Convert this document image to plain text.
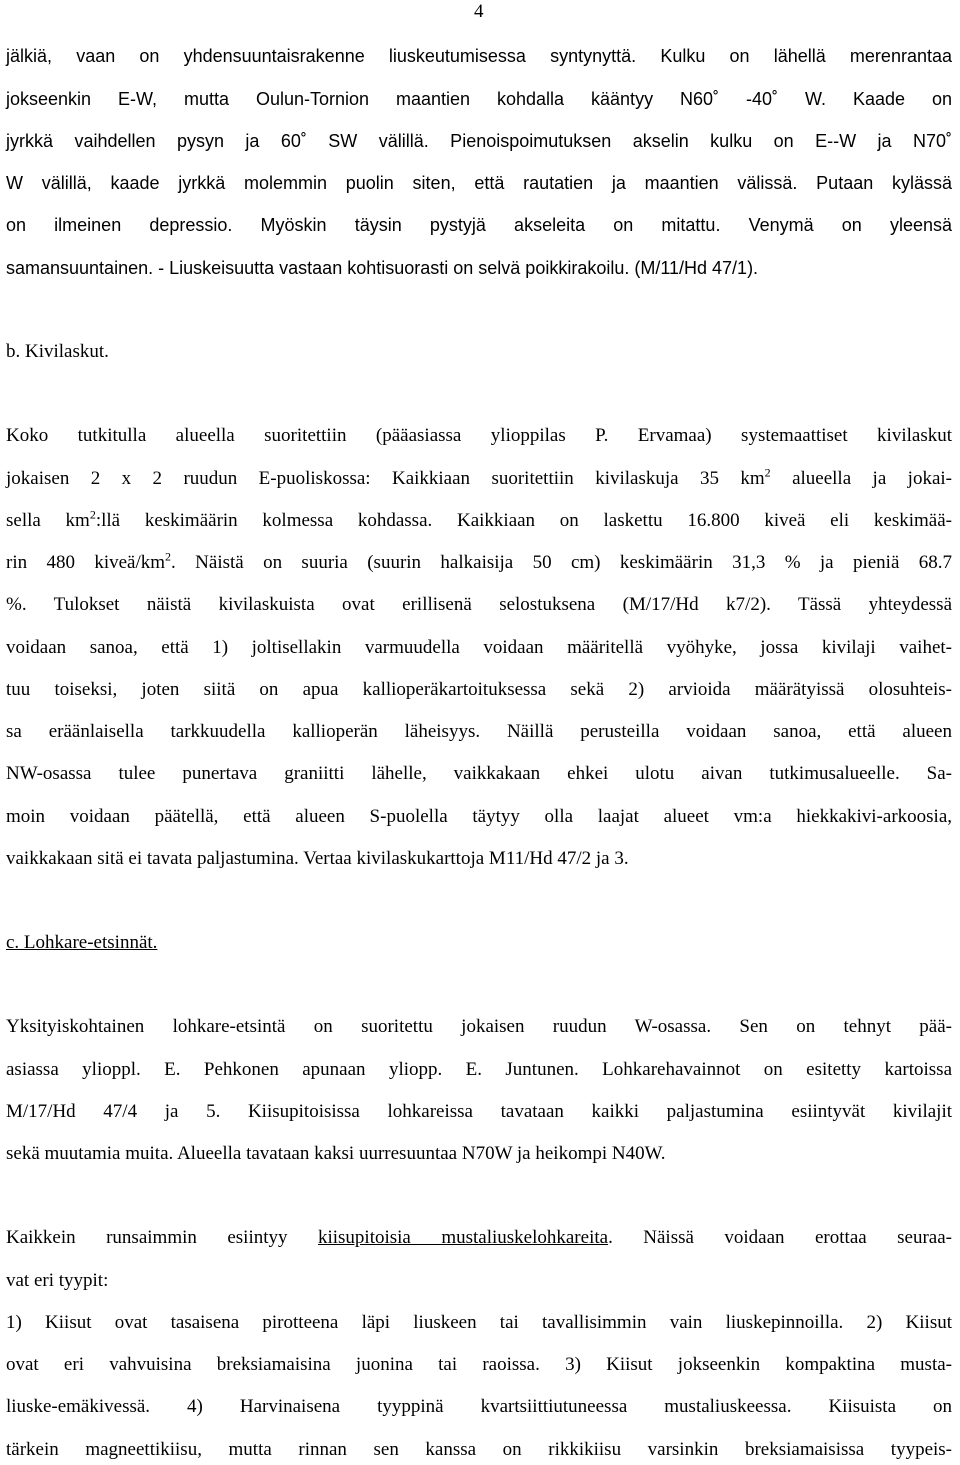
4
jälkiä, vaan on yhdensuuntaisrakenne liuskeutumisessa syntynyttä. Kulku on lähellä merenrantaa
jokseenkin E-W, mutta Oulun-Tornion maantien kohdalla kääntyy N60˚ -40˚ W. Kaade on
jyrkkä vaihdellen pysyn ja 60˚ SW välillä. Pienoispoimutuksen akselin kulku on E--W ja N70˚
W välillä, kaade jyrkkä molemmin puolin siten, että rautatien ja maantien välissä. Putaan kylässä
on ilmeinen depressio. Myöskin täysin pystyjä akseleita on mitattu. Venymä on yleensä
samansuuntainen. - Liuskeisuutta vastaan kohtisuorasti on selvä poikkirakoilu. (M/11/Hd 47/1).
b. Kivilaskut.
Koko tutkitulla alueella suoritettiin (pääasiassa ylioppilas P. Ervamaa) systemaattiset kivilaskut
jokaisen 2 x 2 ruudun E-puoliskossa: Kaikkiaan suoritettiin kivilaskuja 35 $km^2$ alueella ja jokai-
sella $km^2:llä$ keskimäärin kolmessa kohdassa. Kaikkiaan on laskettu 16.800 kiveä eli keskimää-
rin 480 kiveä/$km^2$. Näistä on suuria (suurin halkaisija 50 cm) keskimäärin 31,3 % ja pieniä 68.7
%. Tulokset näistä kivilaskuista ovat erillisenä selostuksena (M/17/Hd k7/2). Tässä yhteydessä
voidaan sanoa, että 1) joltisellakin varmuudella voidaan määritellä vyöhyke, jossa kivilaji vaihet-
tuu toiseksi, joten siitä on apua kallioperäkartoituksessa sekä 2) arvioida määrätyissä olosuhteis-
sa eräänlaisella tarkkuudella kallioperän läheisyys. Näillä perusteilla voidaan sanoa, että alueen
NW-osassa tulee punertava graniitti lähelle, vaikkakaan ehkei ulotu aivan tutkimusalueelle. Sa-
moin voidaan päätellä, että alueen S-puolella täytyy olla laajat alueet vm:a hiekkakivi-arkoosia,
vaikkakaan sitä ei tavata paljastumina. Vertaa kivilaskukarttoja M11/Hd 47/2 ja 3.
c. Lohkare-etsinnät.
Yksityiskohtainen lohkare-etsintä on suoritettu jokaisen ruudun W-osassa. Sen on tehnyt pää-
asiassa ylioppl. E. Pehkonen apunaan yliopp. E. Juntunen. Lohkarehavainnot on esitetty kartoissa
M/17/Hd 47/4 ja 5. Kiisupitoisissa lohkareissa tavataan kaikki paljastumina esiintyvät kivilajit
sekä muutamia muita. Alueella tavataan kaksi uurresuuntaa N70W ja heikompi N40W.
Kaikkein runsaimmin esiintyy kiisupitoisia mustaliuskelohkareita. Näissä voidaan erottaa seuraa-
vat eri tyypit:
1) Kiisut ovat tasaisena pirotteena läpi liuskeen tai tavallisimmin vain liuskepinnoilla. 2) Kiisut
ovat eri vahvuisina breksiamaisina juonina tai raoissa. 3) Kiisut jokseenkin kompaktina musta-
liuske-emäkivessä. 4) Harvinaisena tyyppinä kvartsiittiutuneessa mustaliuskeessa. Kiisuista on
tärkein magneettikiisu, mutta rinnan sen kanssa on rikkikiisu varsinkin breksiamaisissa tyypeis-
